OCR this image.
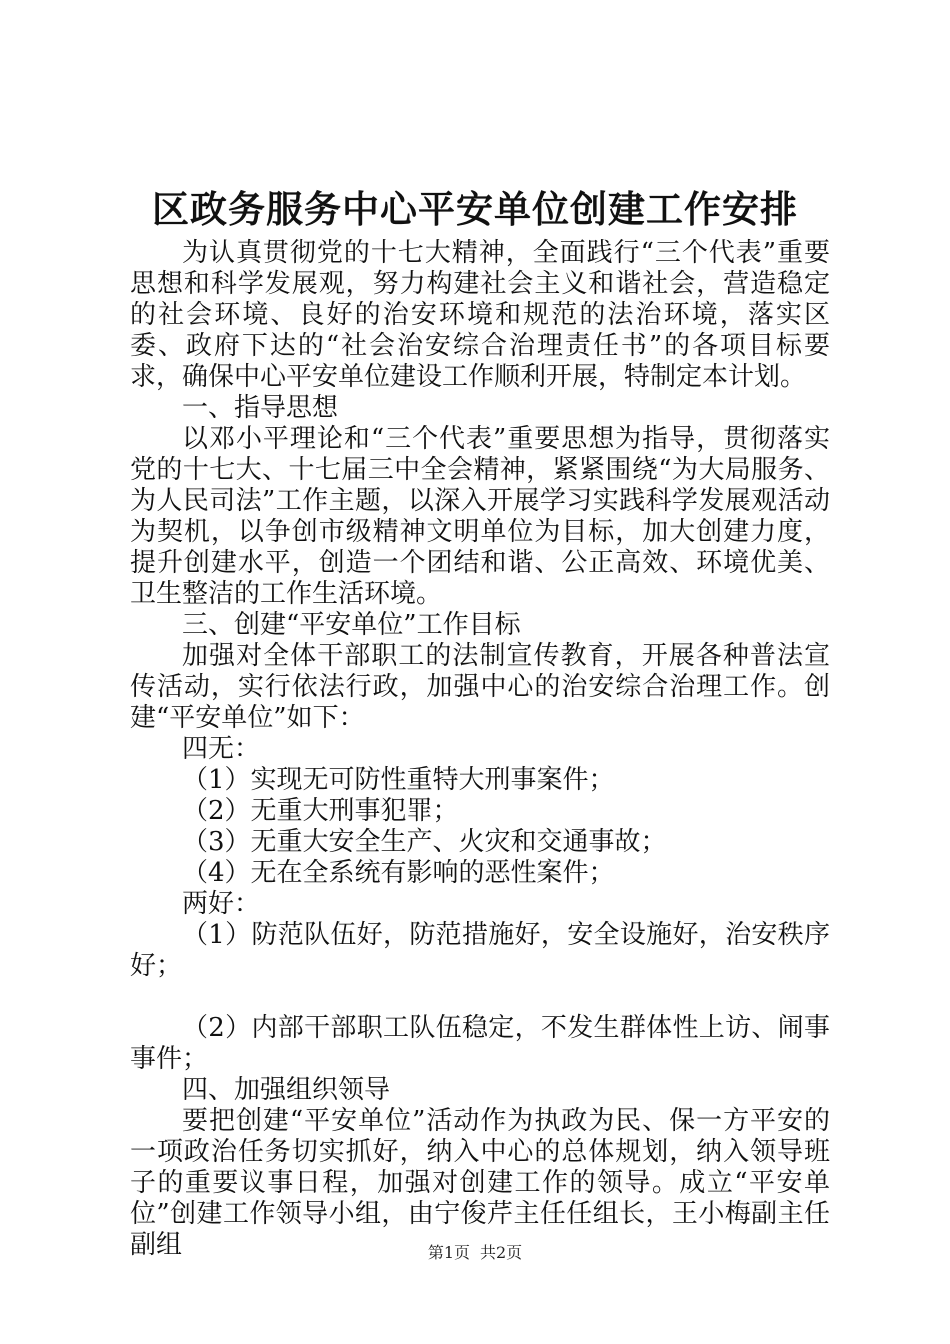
区政务服务中心平安单位创建工作安排

为认真贯彻党的十七大精神，全面践行“三个代表”重要思想和科学发展观，努力构建社会主义和谐社会，营造稳定的社会环境、良好的治安环境和规范的法治环境，落实区委、政府下达的“社会治安综合治理责任书”的各项目标要求，确保中心平安单位建设工作顺利开展，特制定本计划。

一、指导思想

以邓小平理论和“三个代表”重要思想为指导，贯彻落实党的十七大、十七届三中全会精神，紧紧围绕“为大局服务、为人民司法”工作主题，以深入开展学习实践科学发展观活动为契机，以争创市级精神文明单位为目标，加大创建力度，提升创建水平，创造一个团结和谐、公正高效、环境优美、卫生整洁的工作生活环境。

三、创建“平安单位”工作目标

加强对全体干部职工的法制宣传教育，开展各种普法宣传活动，实行依法行政，加强中心的治安综合治理工作。创建“平安单位”如下：

四无：

（1）实现无可防性重特大刑事案件；

（2）无重大刑事犯罪；

（3）无重大安全生产、火灾和交通事故；

（4）无在全系统有影响的恶性案件；

两好：

（1）防范队伍好，防范措施好，安全设施好，治安秩序好；

（2）内部干部职工队伍稳定，不发生群体性上访、闹事事件；

四、加强组织领导

要把创建“平安单位”活动作为执政为民、保一方平安的一项政治任务切实抓好，纳入中心的总体规划，纳入领导班子的重要议事日程，加强对创建工作的领导。成立“平安单位”创建工作领导小组，由宁俊芹主任任组长，王小梅副主任副组	第1页 共2页
